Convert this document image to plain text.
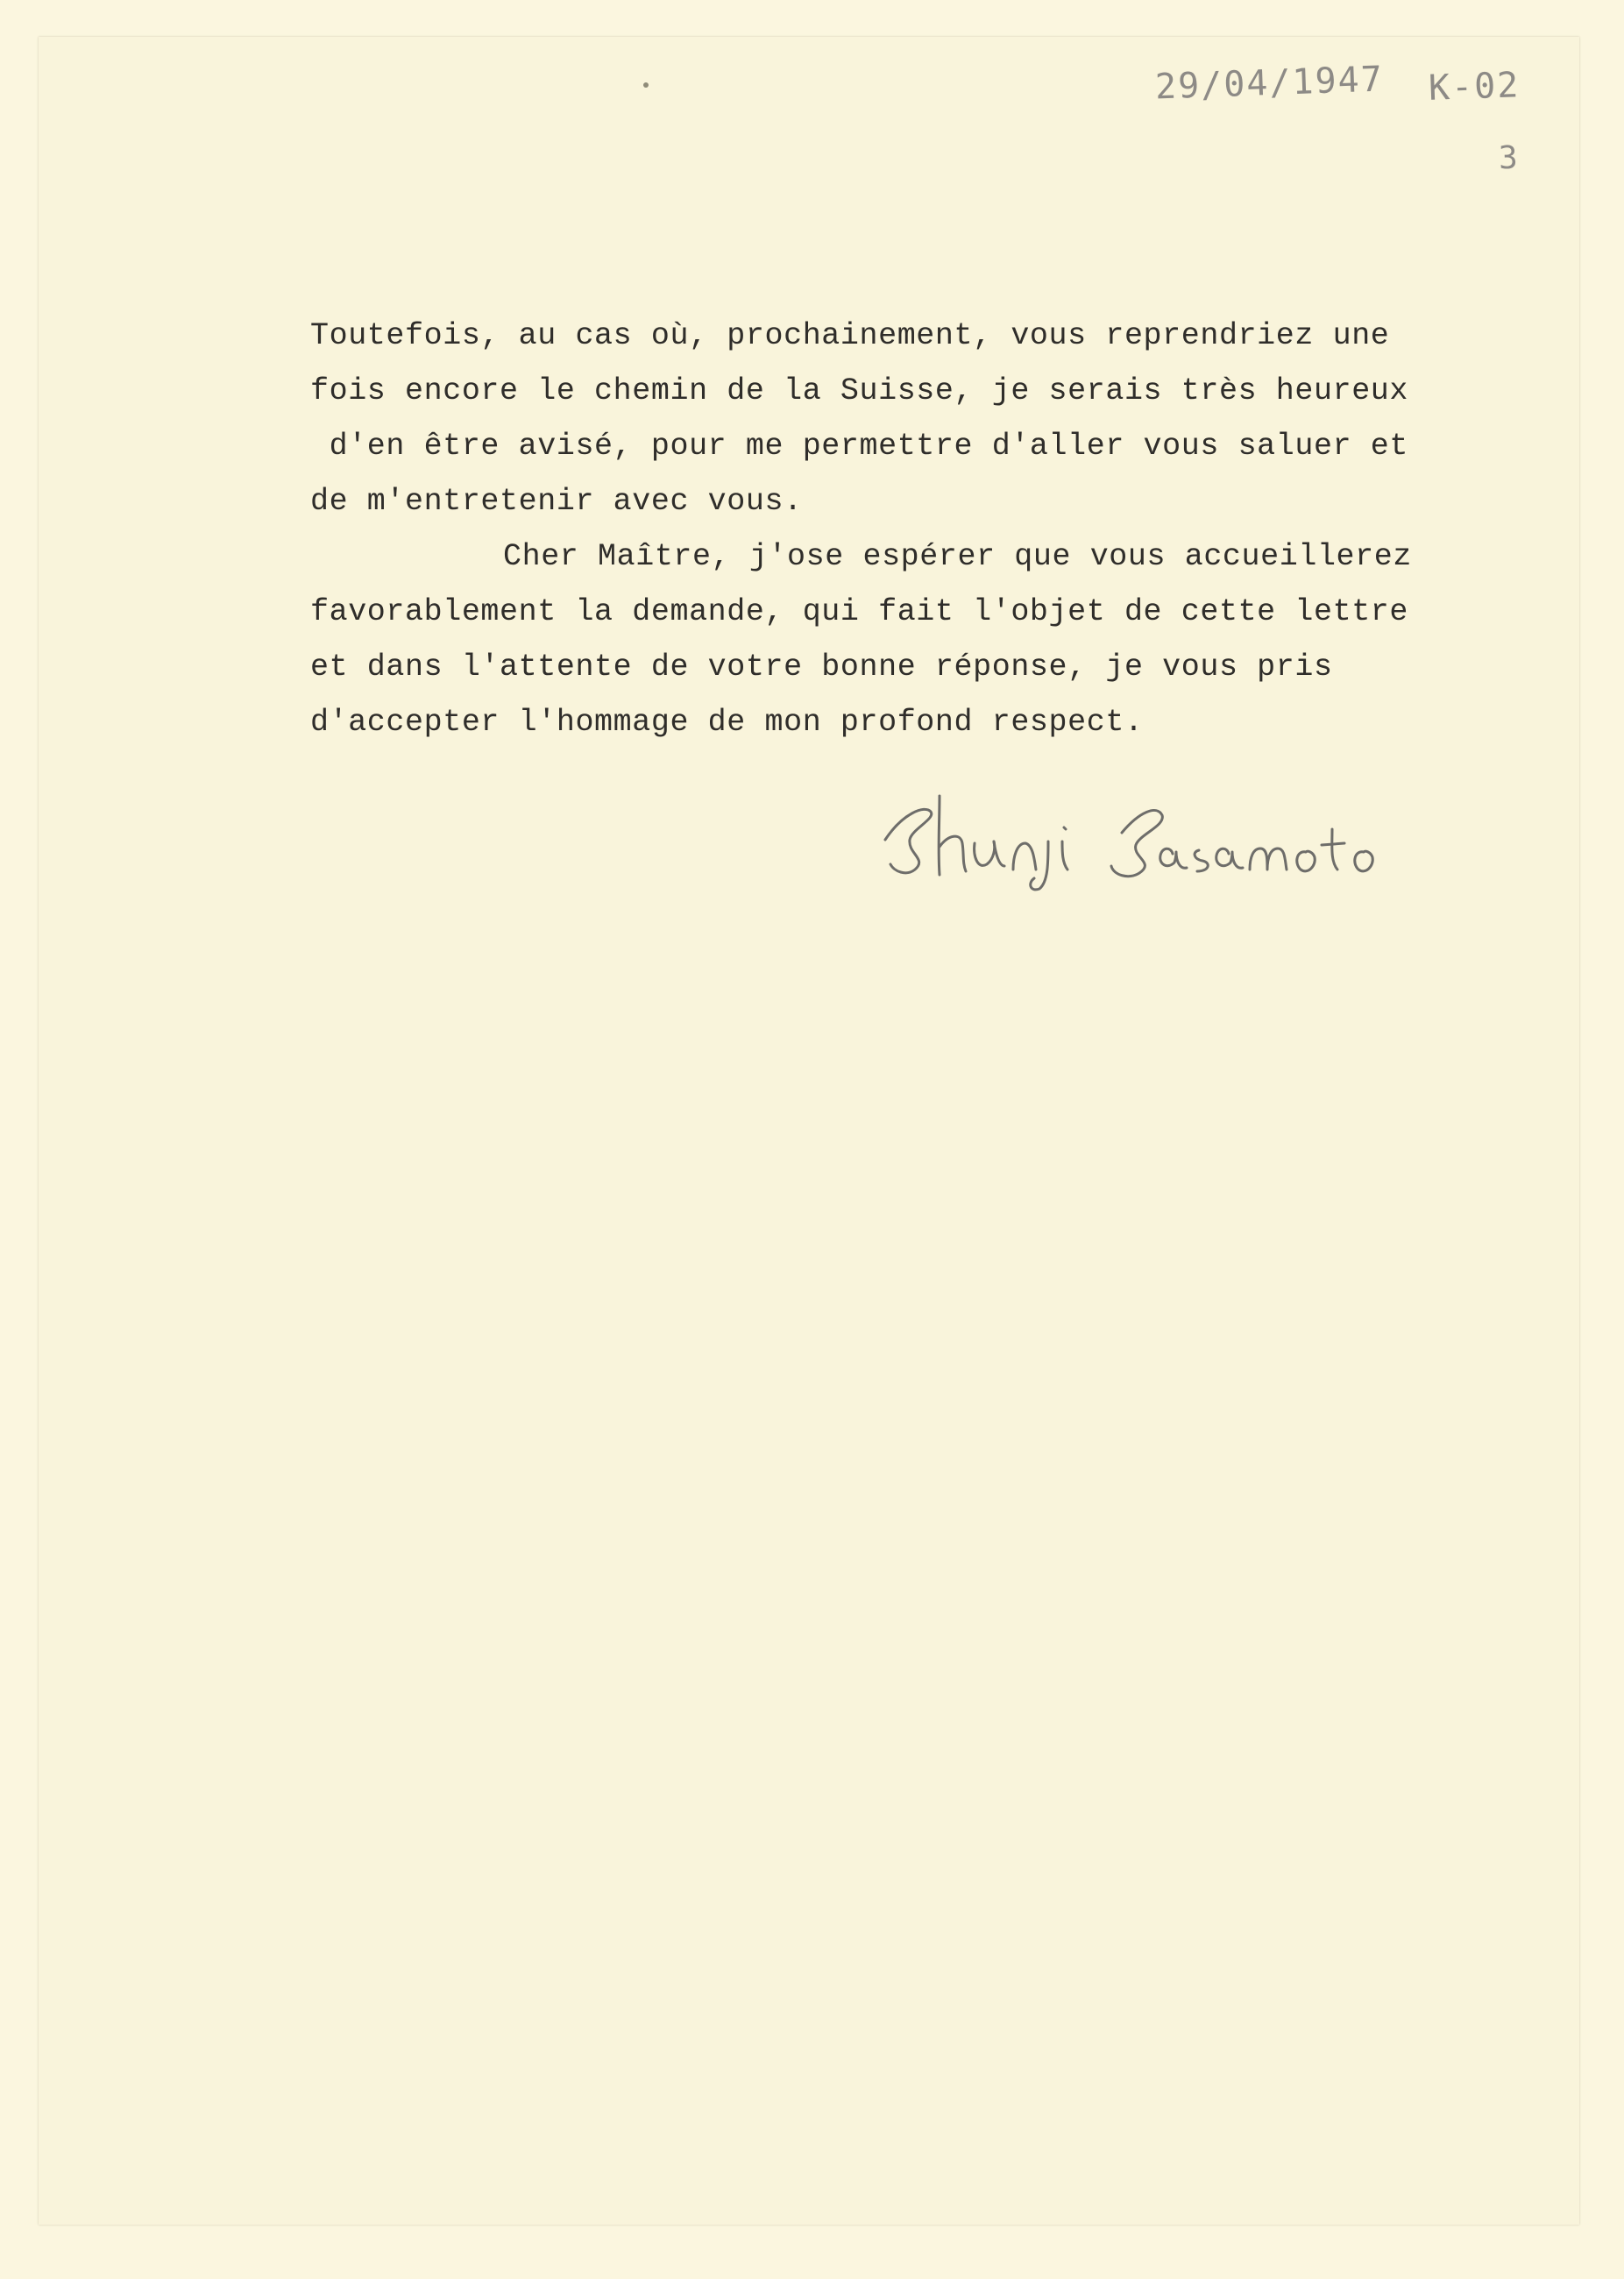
29/04/1947 K-02
3

Toutefois, au cas où, prochainement, vous reprendriez une

fois encore le chemin de la Suisse, je serais très heureux

d'en être avisé, pour me permettre d'aller vous saluer et

de m'entretenir avec vous.

Cher Maître, j'ose espérer que vous accueillerez

favorablement la demande, qui fait l'objet de cette lettre

et dans l'attente de votre bonne réponse, je vous pris

d'accepter l'hommage de mon profond respect.
